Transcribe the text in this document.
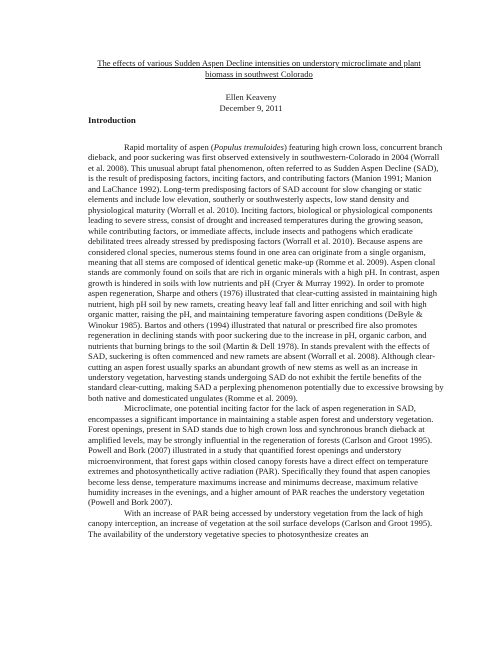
The effects of various Sudden Aspen Decline intensities on understory microclimate and plant biomass in southwest Colorado

Ellen Keaveny

December 9, 2011

Introduction

Rapid mortality of aspen (Populus tremuloides) featuring high crown loss, concurrent branch dieback, and poor suckering was first observed extensively in southwestern-Colorado in 2004 (Worrall et al. 2008). This unusual abrupt fatal phenomenon, often referred to as Sudden Aspen Decline (SAD), is the result of predisposing factors, inciting factors, and contributing factors (Manion 1991; Manion and LaChance 1992). Long-term predisposing factors of SAD account for slow changing or static elements and include low elevation, southerly or southwesterly aspects, low stand density and physiological maturity (Worrall et al. 2010). Inciting factors, biological or physiological components leading to severe stress, consist of drought and increased temperatures during the growing season, while contributing factors, or immediate affects, include insects and pathogens which eradicate debilitated trees already stressed by predisposing factors (Worrall et al. 2010). Because aspens are considered clonal species, numerous stems found in one area can originate from a single organism, meaning that all stems are composed of identical genetic make-up (Romme et al. 2009). Aspen clonal stands are commonly found on soils that are rich in organic minerals with a high pH. In contrast, aspen growth is hindered in soils with low nutrients and pH (Cryer & Murray 1992). In order to promote aspen regeneration, Sharpe and others (1976) illustrated that clear-cutting assisted in maintaining high nutrient, high pH soil by new ramets, creating heavy leaf fall and litter enriching and soil with high organic matter, raising the pH, and maintaining temperature favoring aspen conditions (DeByle & Winokur 1985). Bartos and others (1994) illustrated that natural or prescribed fire also promotes regeneration in declining stands with poor suckering due to the increase in pH, organic carbon, and nutrients that burning brings to the soil (Martin & Dell 1978). In stands prevalent with the effects of SAD, suckering is often commenced and new ramets are absent (Worrall et al. 2008). Although clear-cutting an aspen forest usually sparks an abundant growth of new stems as well as an increase in understory vegetation, harvesting stands undergoing SAD do not exhibit the fertile benefits of the standard clear-cutting, making SAD a perplexing phenomenon potentially due to excessive browsing by both native and domesticated ungulates (Romme et al. 2009).

Microclimate, one potential inciting factor for the lack of aspen regeneration in SAD, encompasses a significant importance in maintaining a stable aspen forest and understory vegetation. Forest openings, present in SAD stands due to high crown loss and synchronous branch dieback at amplified levels, may be strongly influential in the regeneration of forests (Carlson and Groot 1995). Powell and Bork (2007) illustrated in a study that quantified forest openings and understory microenvironment, that forest gaps within closed canopy forests have a direct effect on temperature extremes and photosynthetically active radiation (PAR). Specifically they found that aspen canopies become less dense, temperature maximums increase and minimums decrease, maximum relative humidity increases in the evenings, and a higher amount of PAR reaches the understory vegetation (Powell and Bork 2007).

With an increase of PAR being accessed by understory vegetation from the lack of high canopy interception, an increase of vegetation at the soil surface develops (Carlson and Groot 1995). The availability of the understory vegetative species to photosynthesize creates an
